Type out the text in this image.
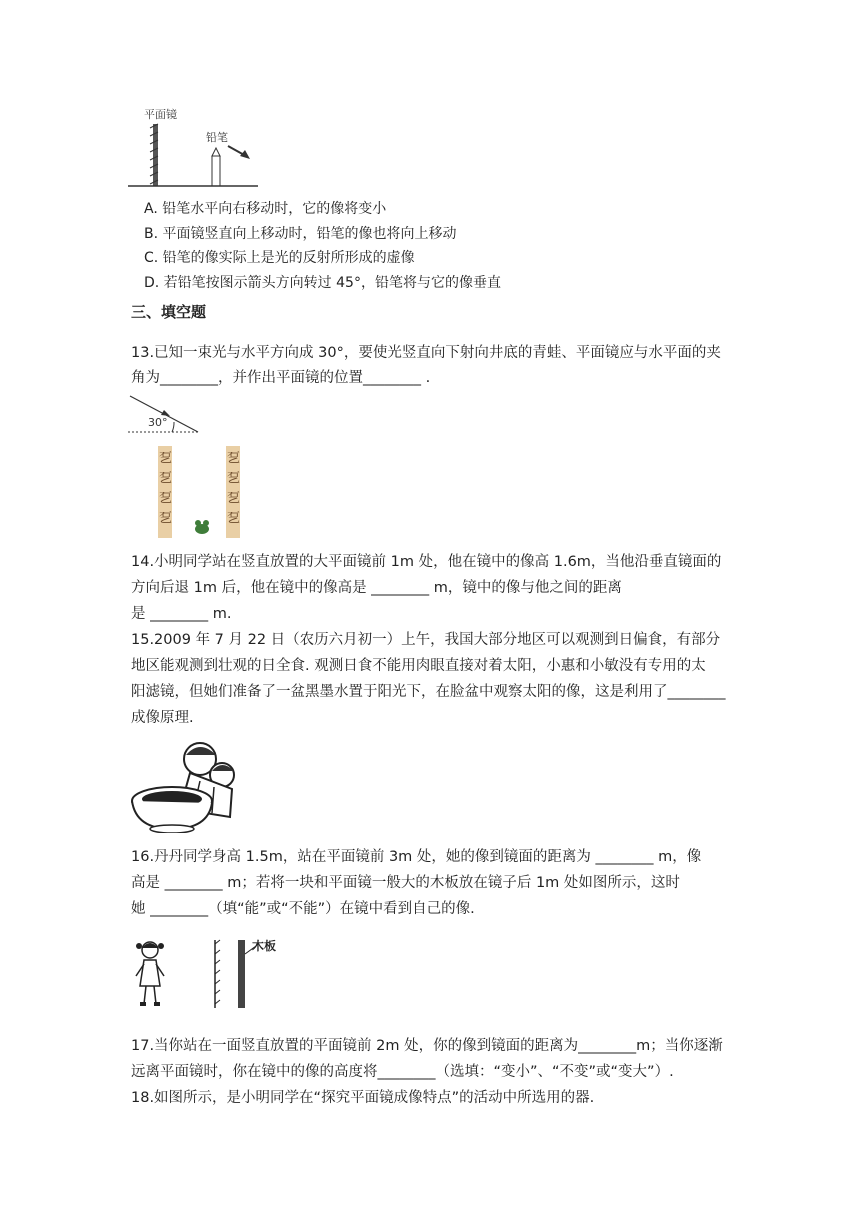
平面镜
铅笔
A. 铅笔水平向右移动时，它的像将变小
B. 平面镜竖直向上移动时，铅笔的像也将向上移动
C. 铅笔的像实际上是光的反射所形成的虚像
D. 若铅笔按图示箭头方向转过 45°，铅笔将与它的像垂直
三、填空题
13.已知一束光与水平方向成 30°，要使光竖直向下射向井底的青蛙、平面镜应与水平面的夹
角为________，并作出平面镜的位置________ .
30°
乭
乭
乭
乭
乭
乭
乭
乭
14.小明同学站在竖直放置的大平面镜前 1m 处，他在镜中的像高 1.6m，当他沿垂直镜面的
方向后退 1m 后，他在镜中的像高是 ________ m，镜中的像与他之间的距离
是 ________ m.
15.2009 年 7 月 22 日（农历六月初一）上午，我国大部分地区可以观测到日偏食，有部分
地区能观测到壮观的日全食. 观测日食不能用肉眼直接对着太阳，小惠和小敏没有专用的太
阳滤镜，但她们准备了一盆黑墨水置于阳光下，在脸盆中观察太阳的像，这是利用了________
成像原理.
16.丹丹同学身高 1.5m，站在平面镜前 3m 处，她的像到镜面的距离为 ________ m，像
高是 ________ m；若将一块和平面镜一般大的木板放在镜子后 1m 处如图所示，这时
她 ________（填“能”或“不能”）在镜中看到自己的像.
木板
17.当你站在一面竖直放置的平面镜前 2m 处，你的像到镜面的距离为________m；当你逐渐
远离平面镜时，你在镜中的像的高度将________（选填：“变小”、“不变”或“变大”）.
18.如图所示，是小明同学在“探究平面镜成像特点”的活动中所选用的器.
